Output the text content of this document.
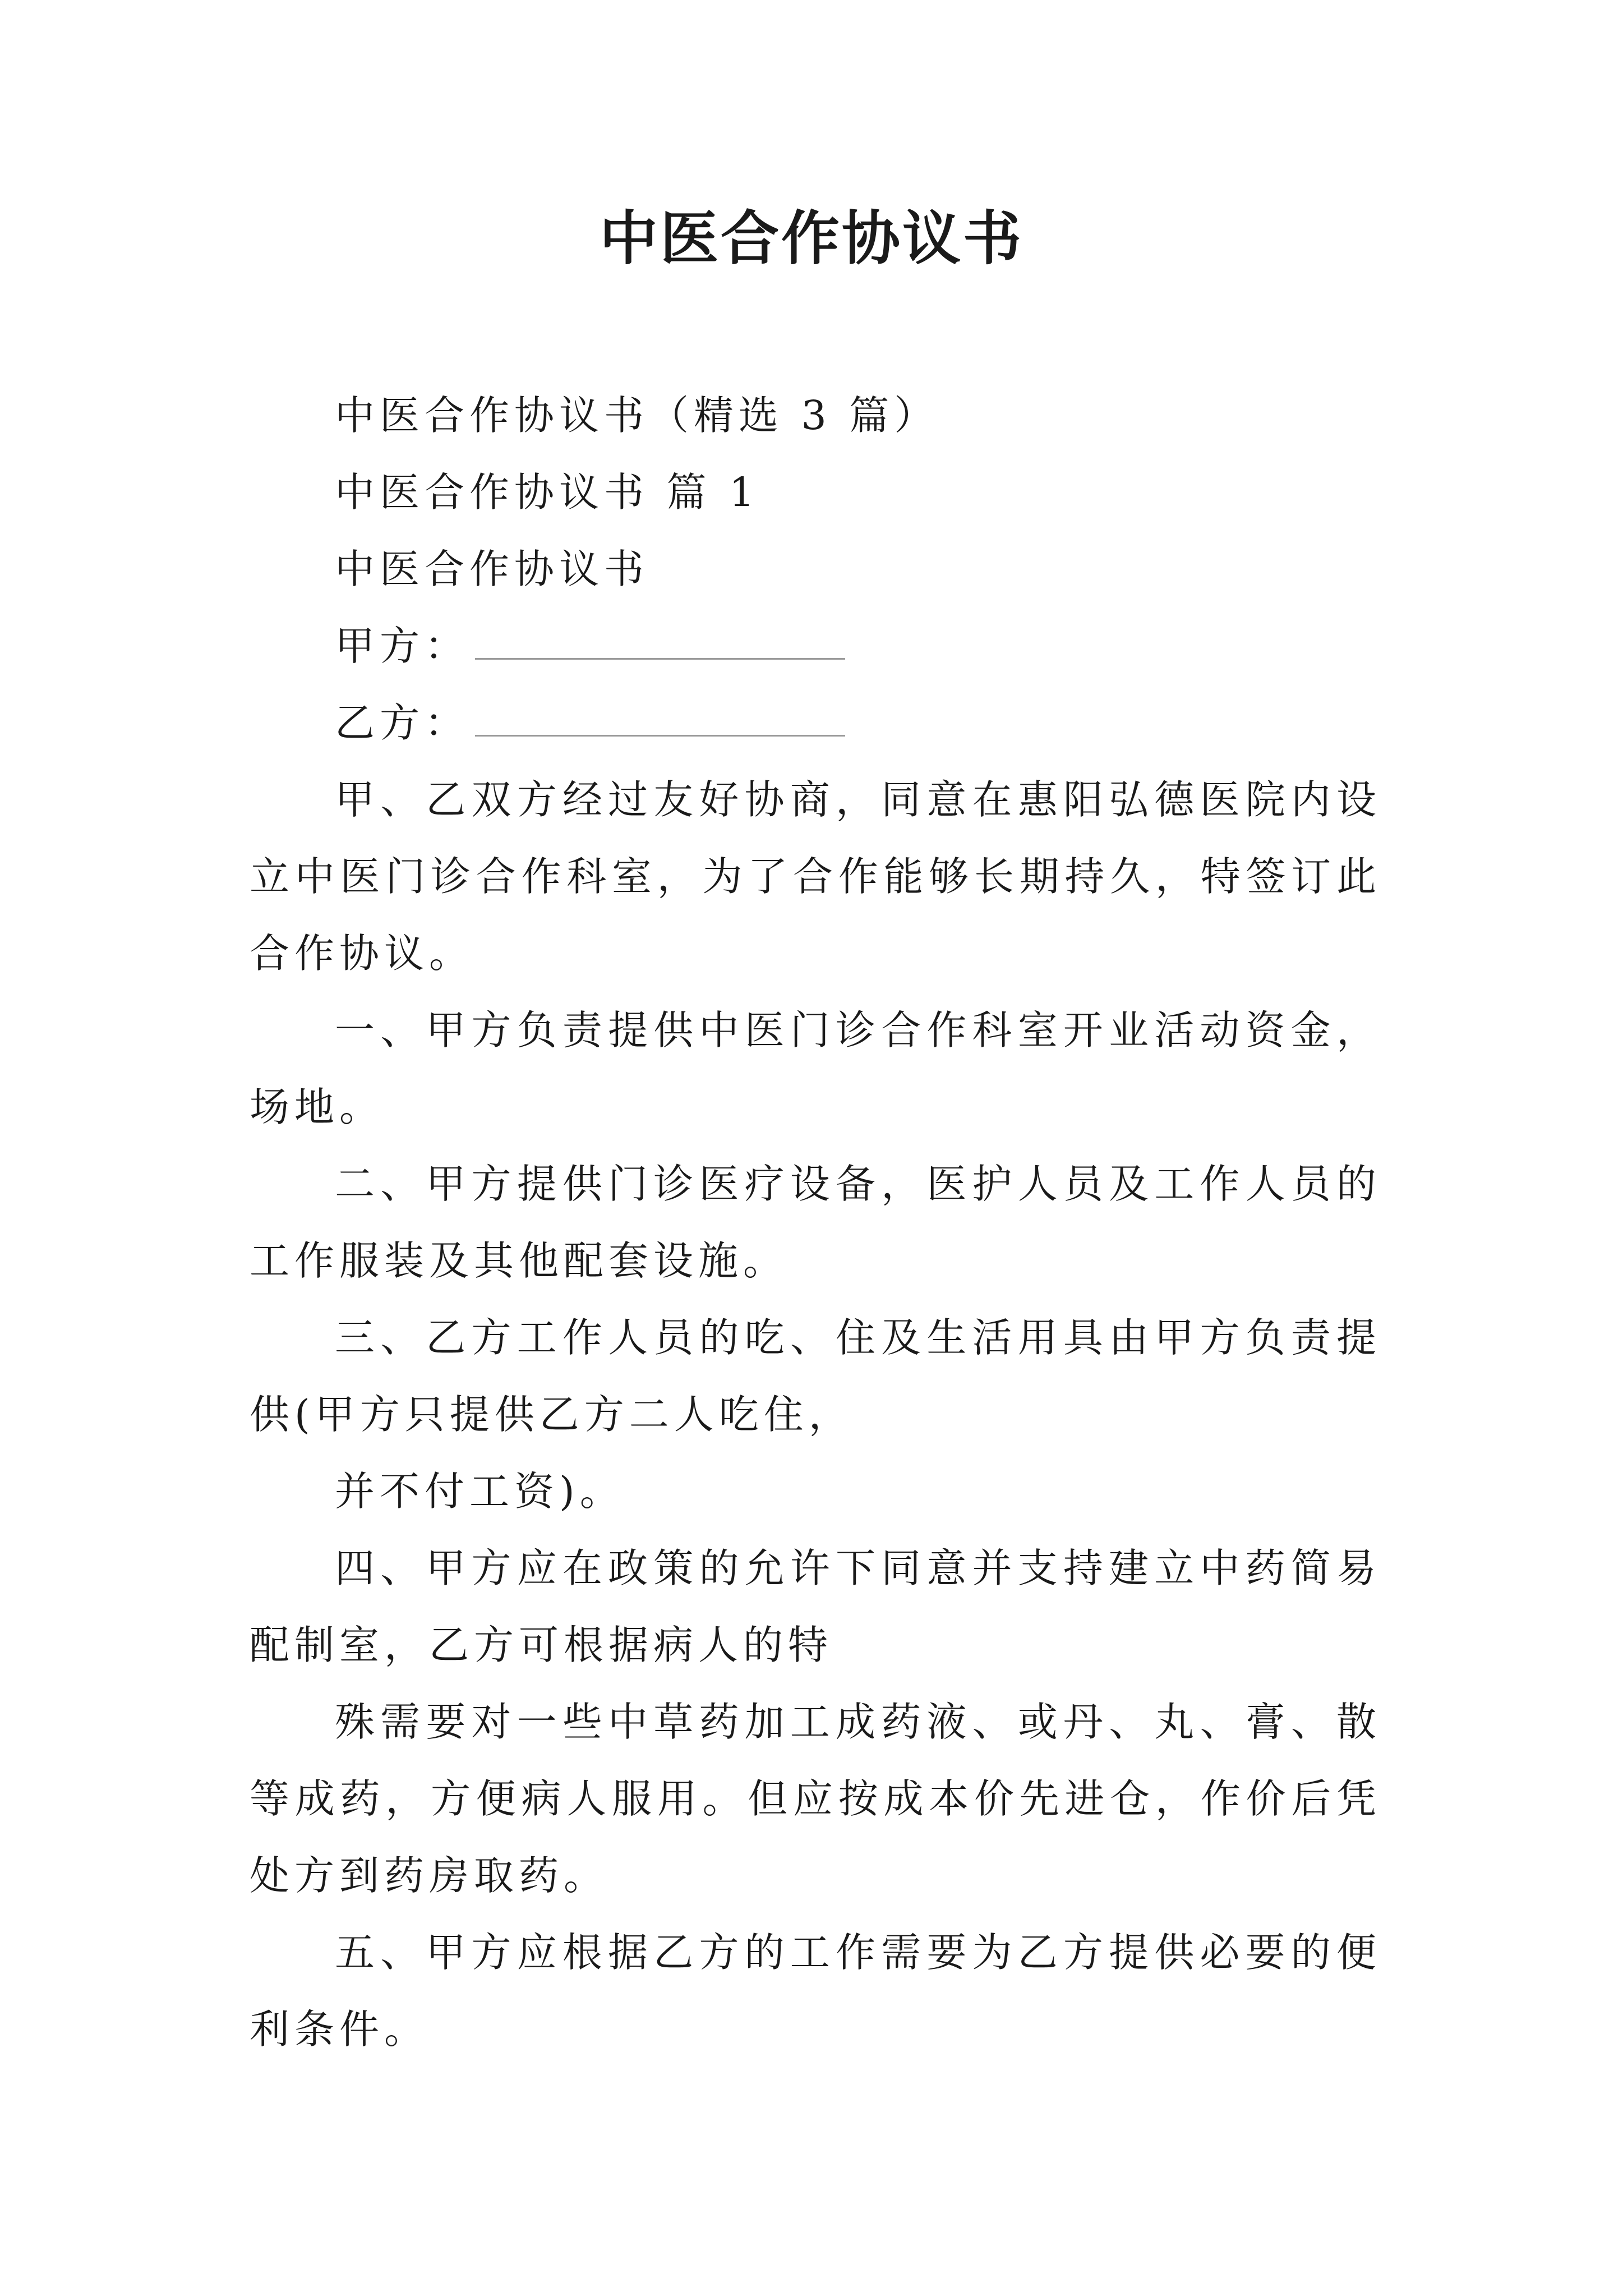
中医合作协议书

中医合作协议书（精选 3 篇）

中医合作协议书 篇 1

中医合作协议书

甲方：

乙方：

甲、乙双方经过友好协商，同意在惠阳弘德医院内设立中医门诊合作科室，为了合作能够长期持久，特签订此合作协议。

一、甲方负责提供中医门诊合作科室开业活动资金，场地。

二、甲方提供门诊医疗设备，医护人员及工作人员的工作服装及其他配套设施。

三、乙方工作人员的吃、住及生活用具由甲方负责提供(甲方只提供乙方二人吃住，

并不付工资)。

四、甲方应在政策的允许下同意并支持建立中药简易配制室，乙方可根据病人的特

殊需要对一些中草药加工成药液、或丹、丸、膏、散等成药，方便病人服用。但应按成本价先进仓，作价后凭处方到药房取药。

五、甲方应根据乙方的工作需要为乙方提供必要的便利条件。
